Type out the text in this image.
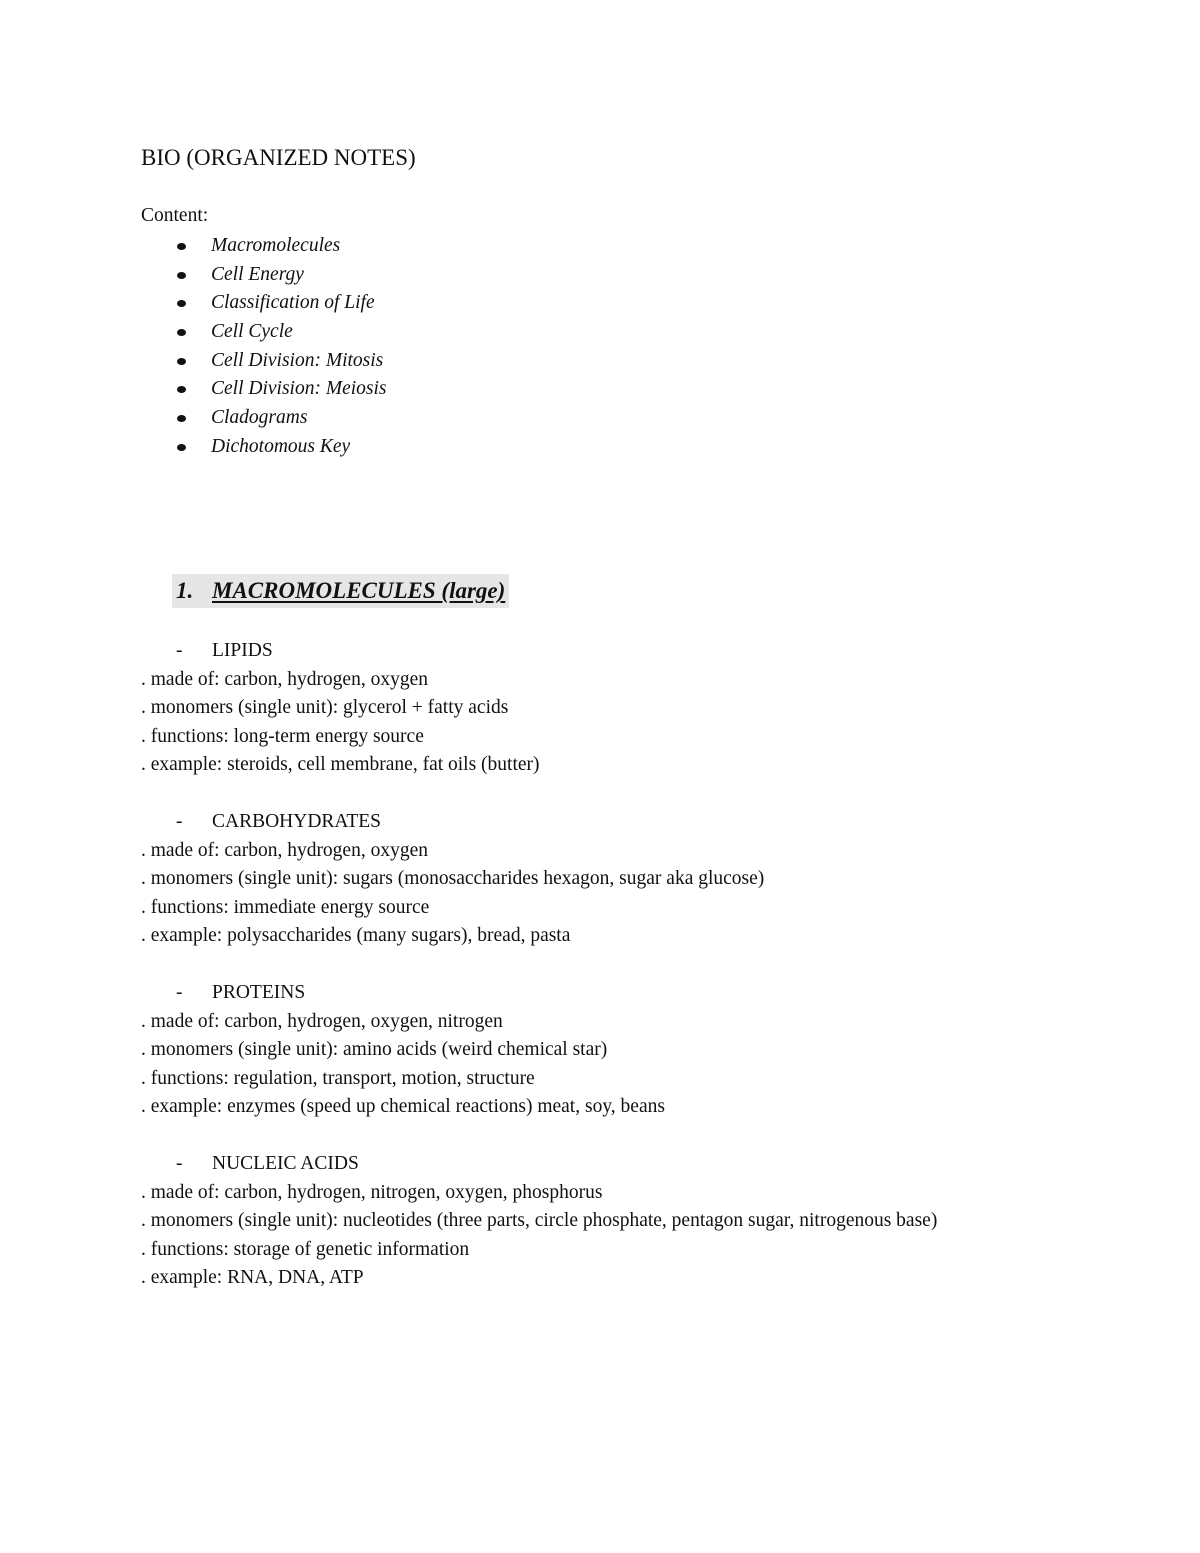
BIO (ORGANIZED NOTES)
Content:
Macromolecules
Cell Energy
Classification of Life
Cell Cycle
Cell Division: Mitosis
Cell Division: Meiosis
Cladograms
Dichotomous Key
1. MACROMOLECULES (large)
- LIPIDS
. made of: carbon, hydrogen, oxygen
. monomers (single unit): glycerol + fatty acids
. functions: long-term energy source
. example: steroids, cell membrane, fat oils (butter)
- CARBOHYDRATES
. made of: carbon, hydrogen, oxygen
. monomers (single unit): sugars (monosaccharides hexagon, sugar aka glucose)
. functions: immediate energy source
. example: polysaccharides (many sugars), bread, pasta
- PROTEINS
. made of: carbon, hydrogen, oxygen, nitrogen
. monomers (single unit): amino acids (weird chemical star)
. functions: regulation, transport, motion, structure
. example: enzymes (speed up chemical reactions) meat, soy, beans
- NUCLEIC ACIDS
. made of: carbon, hydrogen, nitrogen, oxygen, phosphorus
. monomers (single unit): nucleotides (three parts, circle phosphate, pentagon sugar, nitrogenous base)
. functions: storage of genetic information
. example: RNA, DNA, ATP
